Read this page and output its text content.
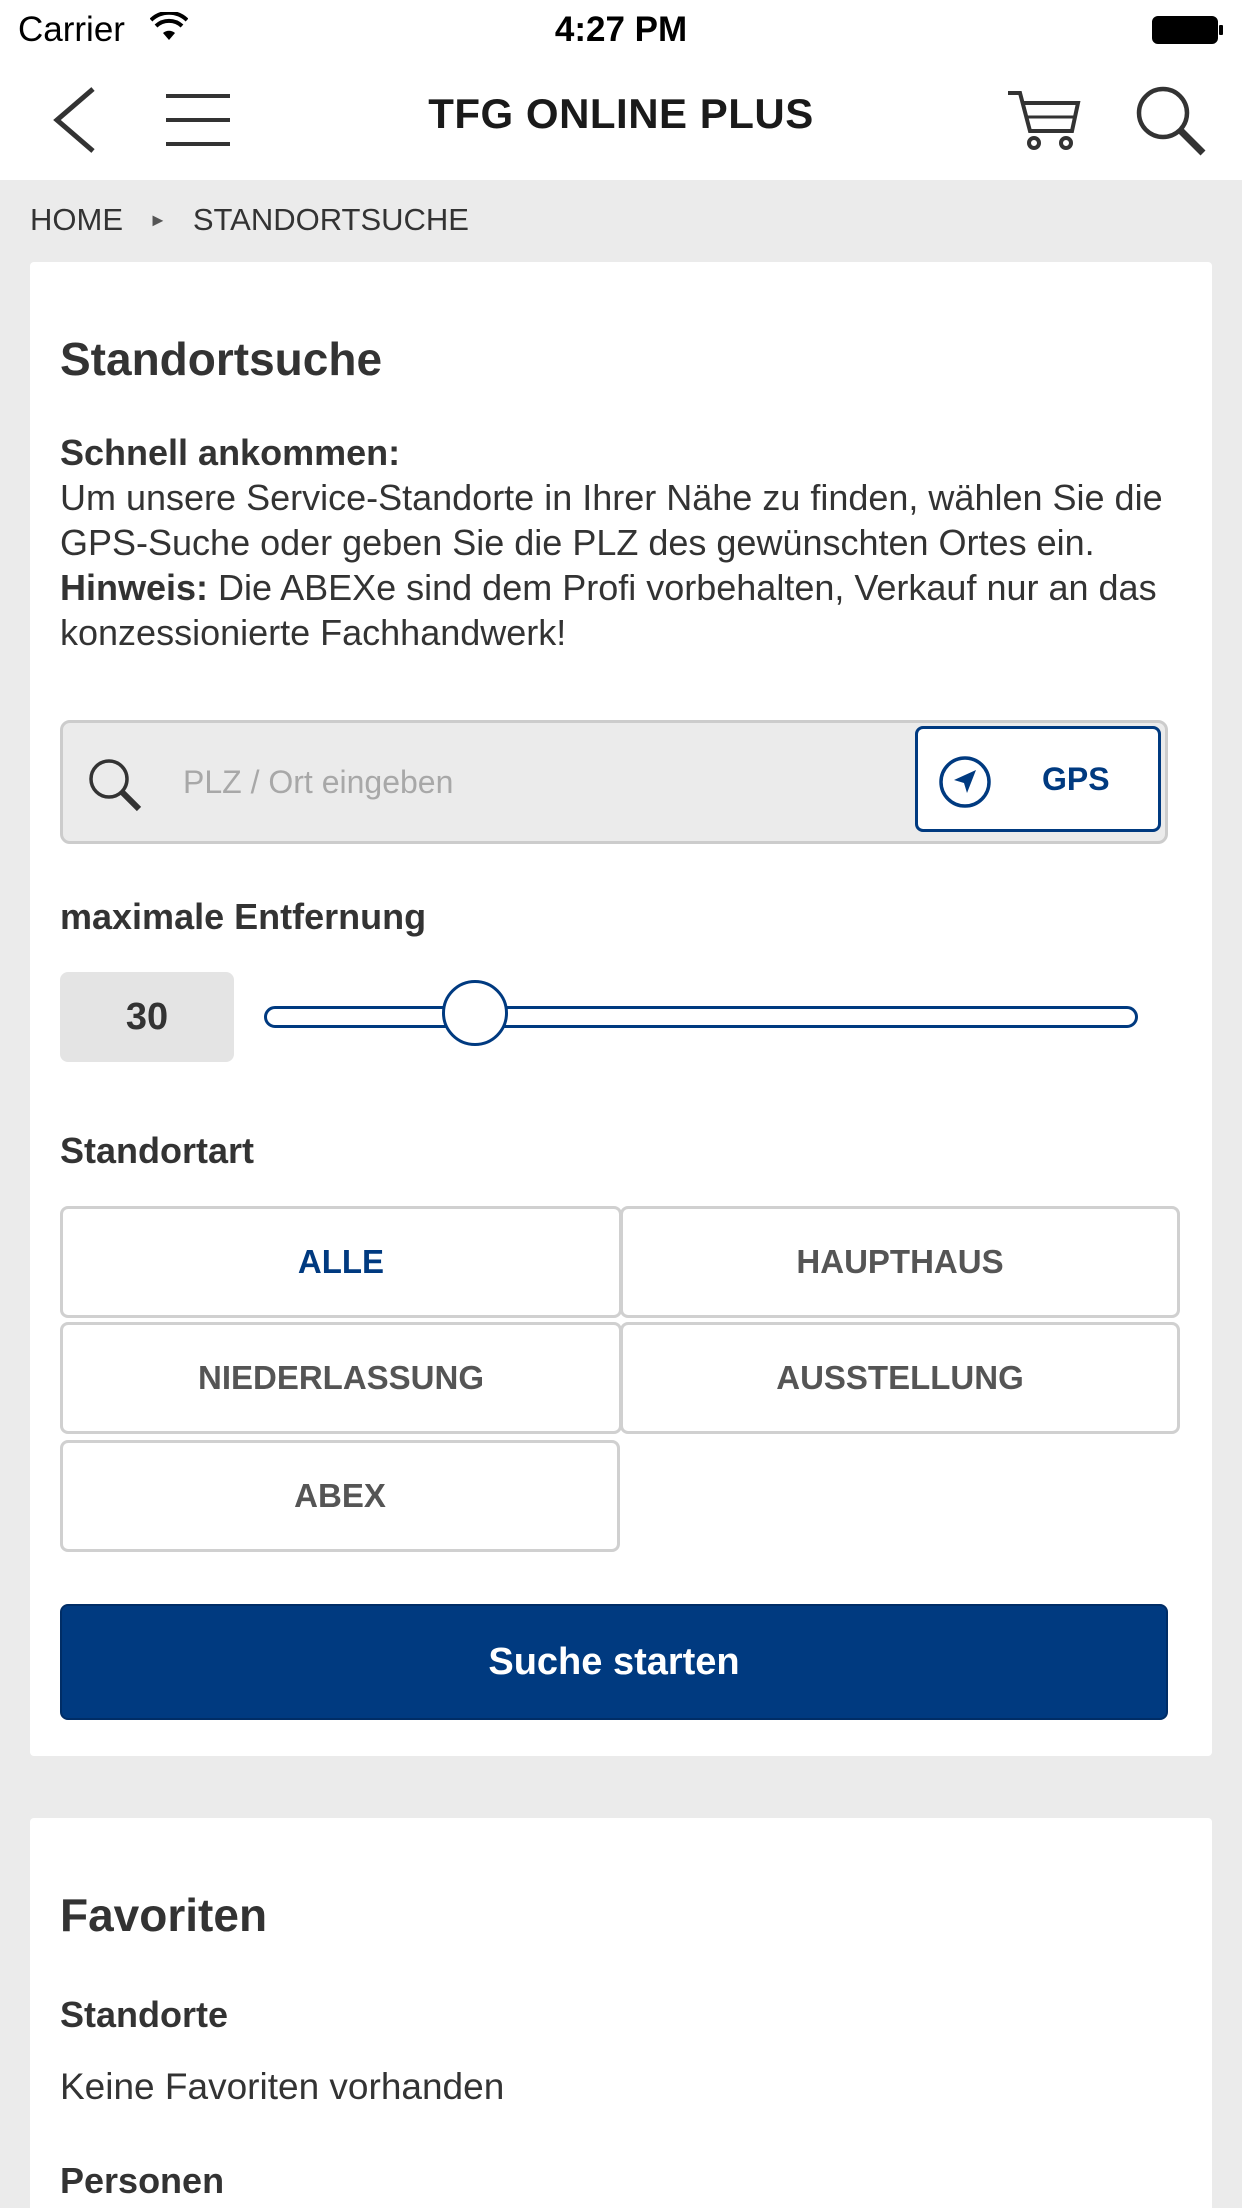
Carrier	4:27 PM
TFG ONLINE PLUS
HOME ► STANDORTSUCHE
Standortsuche
Schnell ankommen:
Um unsere Service-Standorte in Ihrer Nähe zu finden, wählen Sie die GPS-Suche oder geben Sie die PLZ des gewünschten Ortes ein.
Hinweis: Die ABEXe sind dem Profi vorbehalten, Verkauf nur an das konzessionierte Fachhandwerk!
PLZ / Ort eingeben
GPS
maximale Entfernung
30
Standortart
ALLE	HAUPTHAUS
NIEDERLASSUNG	AUSSTELLUNG
ABEX
Suche starten
Favoriten
Standorte
Keine Favoriten vorhanden
Personen
